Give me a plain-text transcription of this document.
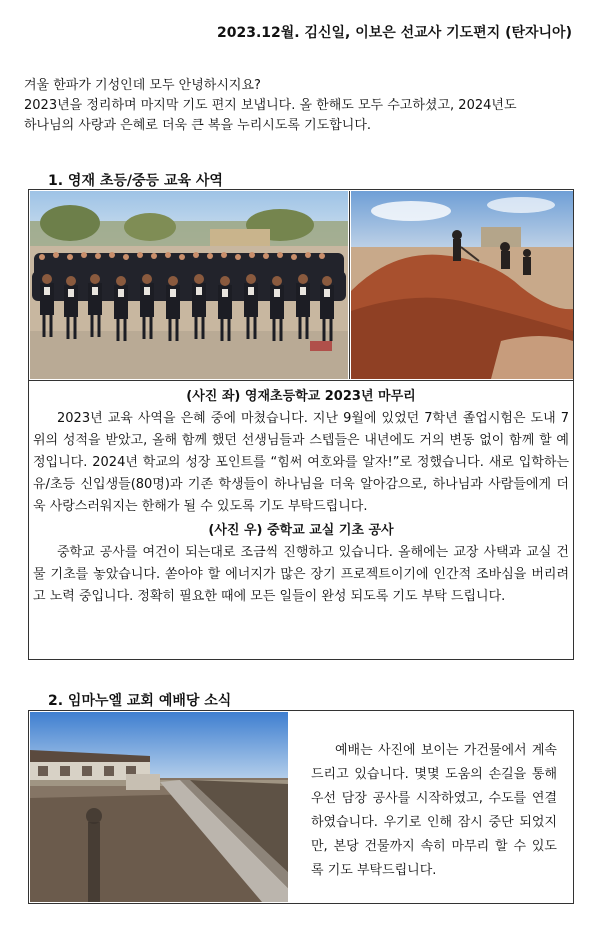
2023.12월. 김신일, 이보은 선교사 기도편지 (탄자니아)
겨울 한파가 기성인데 모두 안녕하시지요?
2023년을 정리하며 마지막 기도 편지 보냅니다. 올 한해도 모두 수고하셨고, 2024년도
하나님의 사랑과 은혜로 더욱 큰 복을 누리시도록 기도합니다.
1. 영재 초등/중등 교육 사역
(사진 좌) 영재초등학교 2023년 마무리
2023년 교육 사역을 은혜 중에 마쳤습니다. 지난 9월에 있었던 7학년 졸업시험은 도내 7위의 성적을 받았고, 올해 함께 했던 선생님들과 스텝들은 내년에도 거의 변동 없이 함께 할 예정입니다. 2024년 학교의 성장 포인트를 “힘써 여호와를 알자!”로 정했습니다. 새로 입학하는 유/초등 신입생들(80명)과 기존 학생들이 하나님을 더욱 알아감으로, 하나님과 사람들에게 더욱 사랑스러워지는 한해가 될 수 있도록 기도 부탁드립니다.
(사진 우) 중학교 교실 기초 공사
중학교 공사를 여건이 되는대로 조금씩 진행하고 있습니다. 올해에는 교장 사택과 교실 건물 기초를 놓았습니다. 쏟아야 할 에너지가 많은 장기 프로젝트이기에 인간적 조바심을 버리려고 노력 중입니다. 정확히 필요한 때에 모든 일들이 완성 되도록 기도 부탁 드립니다.
2. 임마누엘 교회 예배당 소식
예배는 사진에 보이는 가건물에서 계속 드리고 있습니다. 몇몇 도움의 손길을 통해 우선 담장 공사를 시작하였고, 수도를 연결하였습니다. 우기로 인해 잠시 중단 되었지만, 본당 건물까지 속히 마무리 할 수 있도록 기도 부탁드립니다.
